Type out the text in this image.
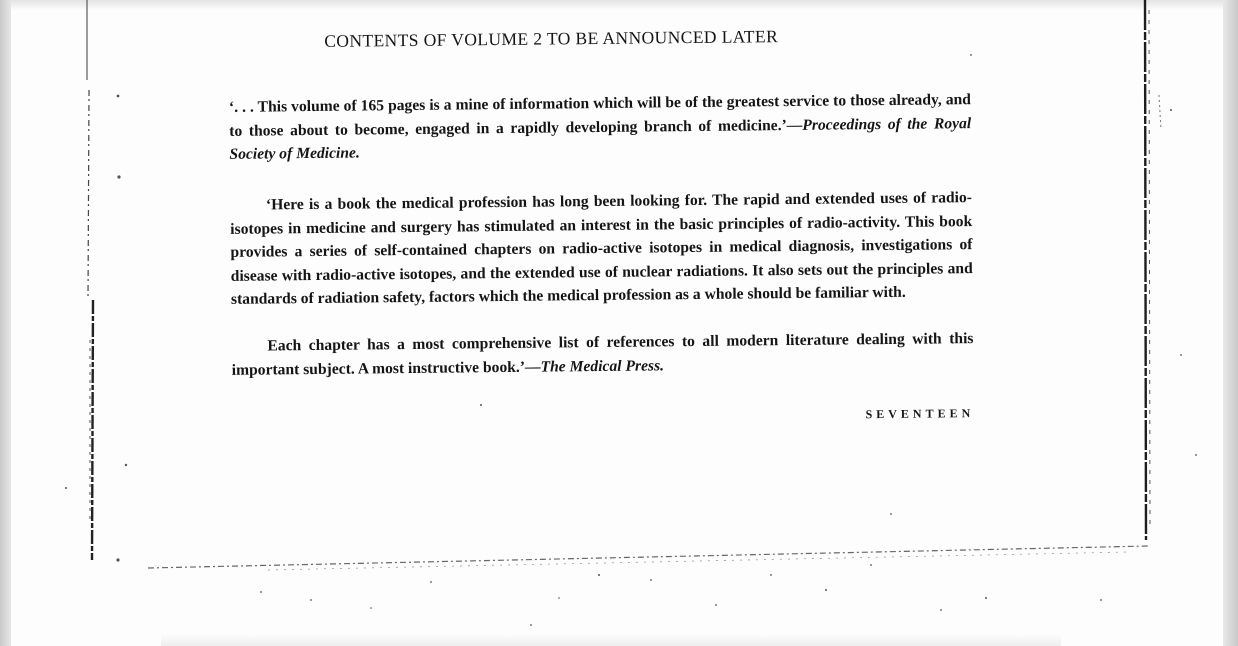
CONTENTS OF VOLUME 2 TO BE ANNOUNCED LATER

‘. . . This volume of 165 pages is a mine of information which will be of the greatest service to those already, and to those about to become, engaged in a rapidly developing branch of medicine.’—Proceedings of the Royal Society of Medicine.

‘Here is a book the medical profession has long been looking for. The rapid and extended uses of radio-isotopes in medicine and surgery has stimulated an interest in the basic principles of radio-activity. This book provides a series of self-contained chapters on radio-active isotopes in medical diagnosis, investigations of disease with radio-active isotopes, and the extended use of nuclear radiations. It also sets out the principles and standards of radiation safety, factors which the medical profession as a whole should be familiar with.

Each chapter has a most comprehensive list of references to all modern literature dealing with this important subject. A most instructive book.’—The Medical Press.

SEVENTEEN
